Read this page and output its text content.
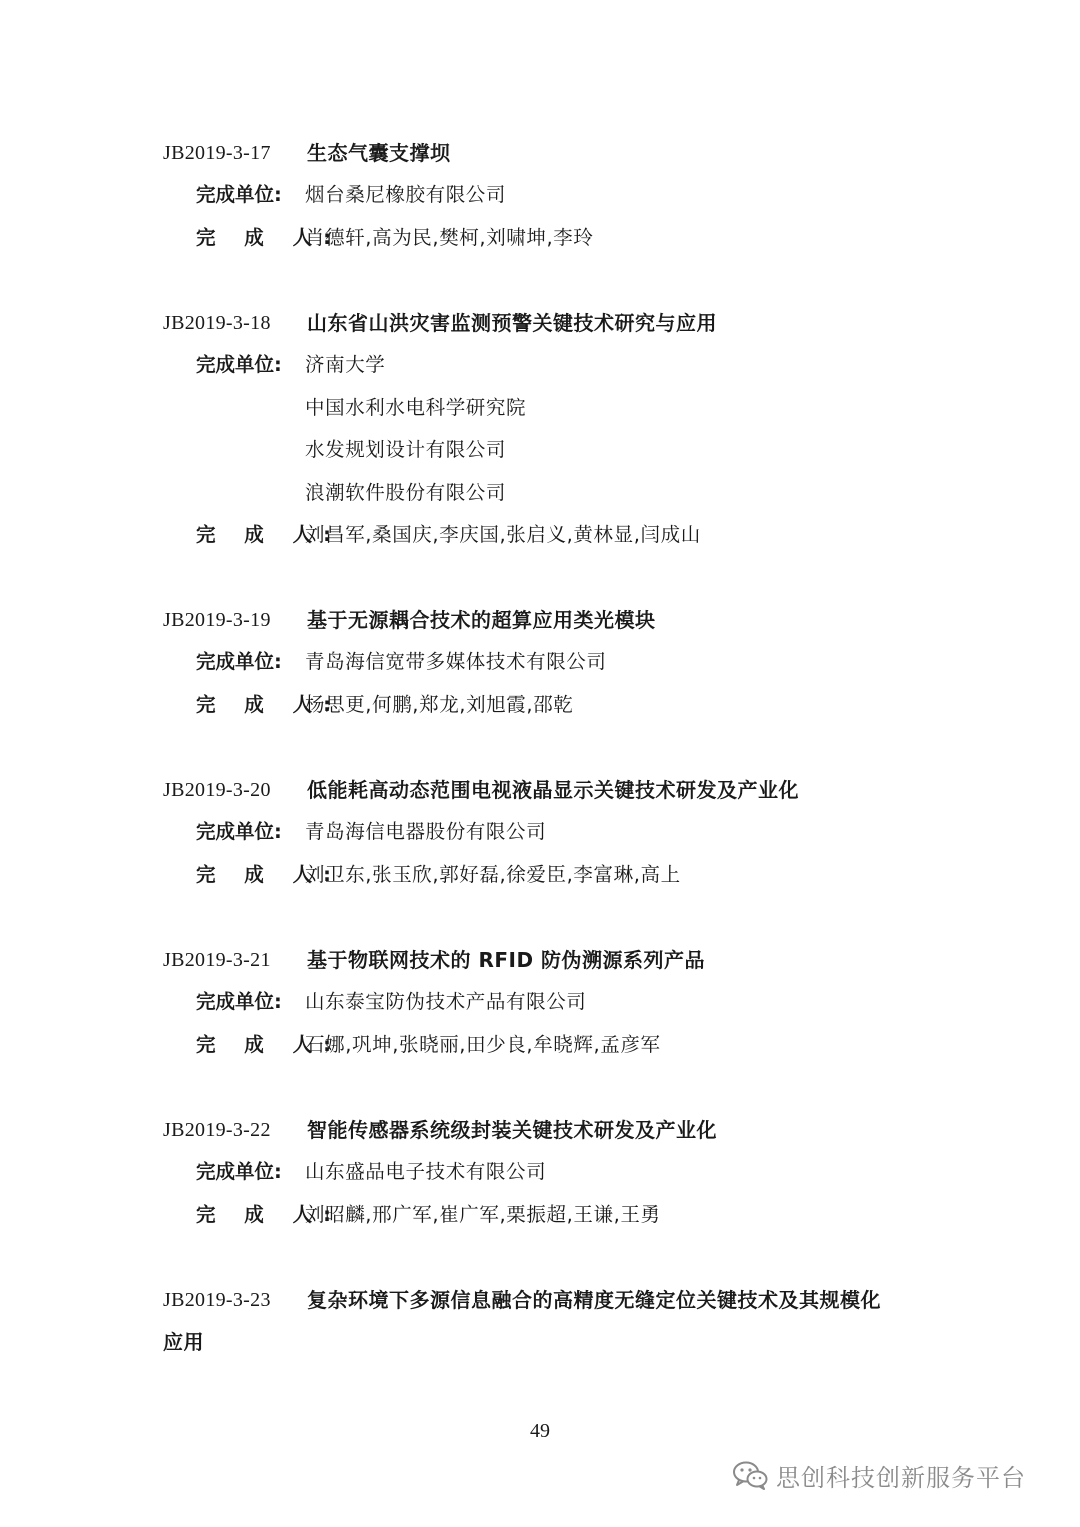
JB2019-3-17 生态气囊支撑坝
完成单位:	烟台桑尼橡胶有限公司
完 成 人:
肖德轩,高为民,樊柯,刘啸坤,李玲
JB2019-3-18 山东省山洪灾害监测预警关键技术研究与应用
完成单位:	济南大学
中国水利水电科学研究院
水发规划设计有限公司
浪潮软件股份有限公司
完 成 人:
刘昌军,桑国庆,李庆国,张启义,黄林显,闫成山
JB2019-3-19 基于无源耦合技术的超算应用类光模块
完成单位:	青岛海信宽带多媒体技术有限公司
完 成 人:
杨思更,何鹏,郑龙,刘旭霞,邵乾
JB2019-3-20 低能耗高动态范围电视液晶显示关键技术研发及产业化
完成单位:	青岛海信电器股份有限公司
完 成 人:
刘卫东,张玉欣,郭好磊,徐爱臣,李富琳,高上
JB2019-3-21 基于物联网技术的 RFID 防伪溯源系列产品
完成单位:	山东泰宝防伪技术产品有限公司
完 成 人:
石娜,巩坤,张晓丽,田少良,牟晓辉,孟彦军
JB2019-3-22 智能传感器系统级封装关键技术研发及产业化
完成单位:	山东盛品电子技术有限公司
完 成 人:
刘昭麟,邢广军,崔广军,栗振超,王谦,王勇
JB2019-3-23 复杂环境下多源信息融合的高精度无缝定位关键技术及其规模化
应用
49
思创科技创新服务平台
